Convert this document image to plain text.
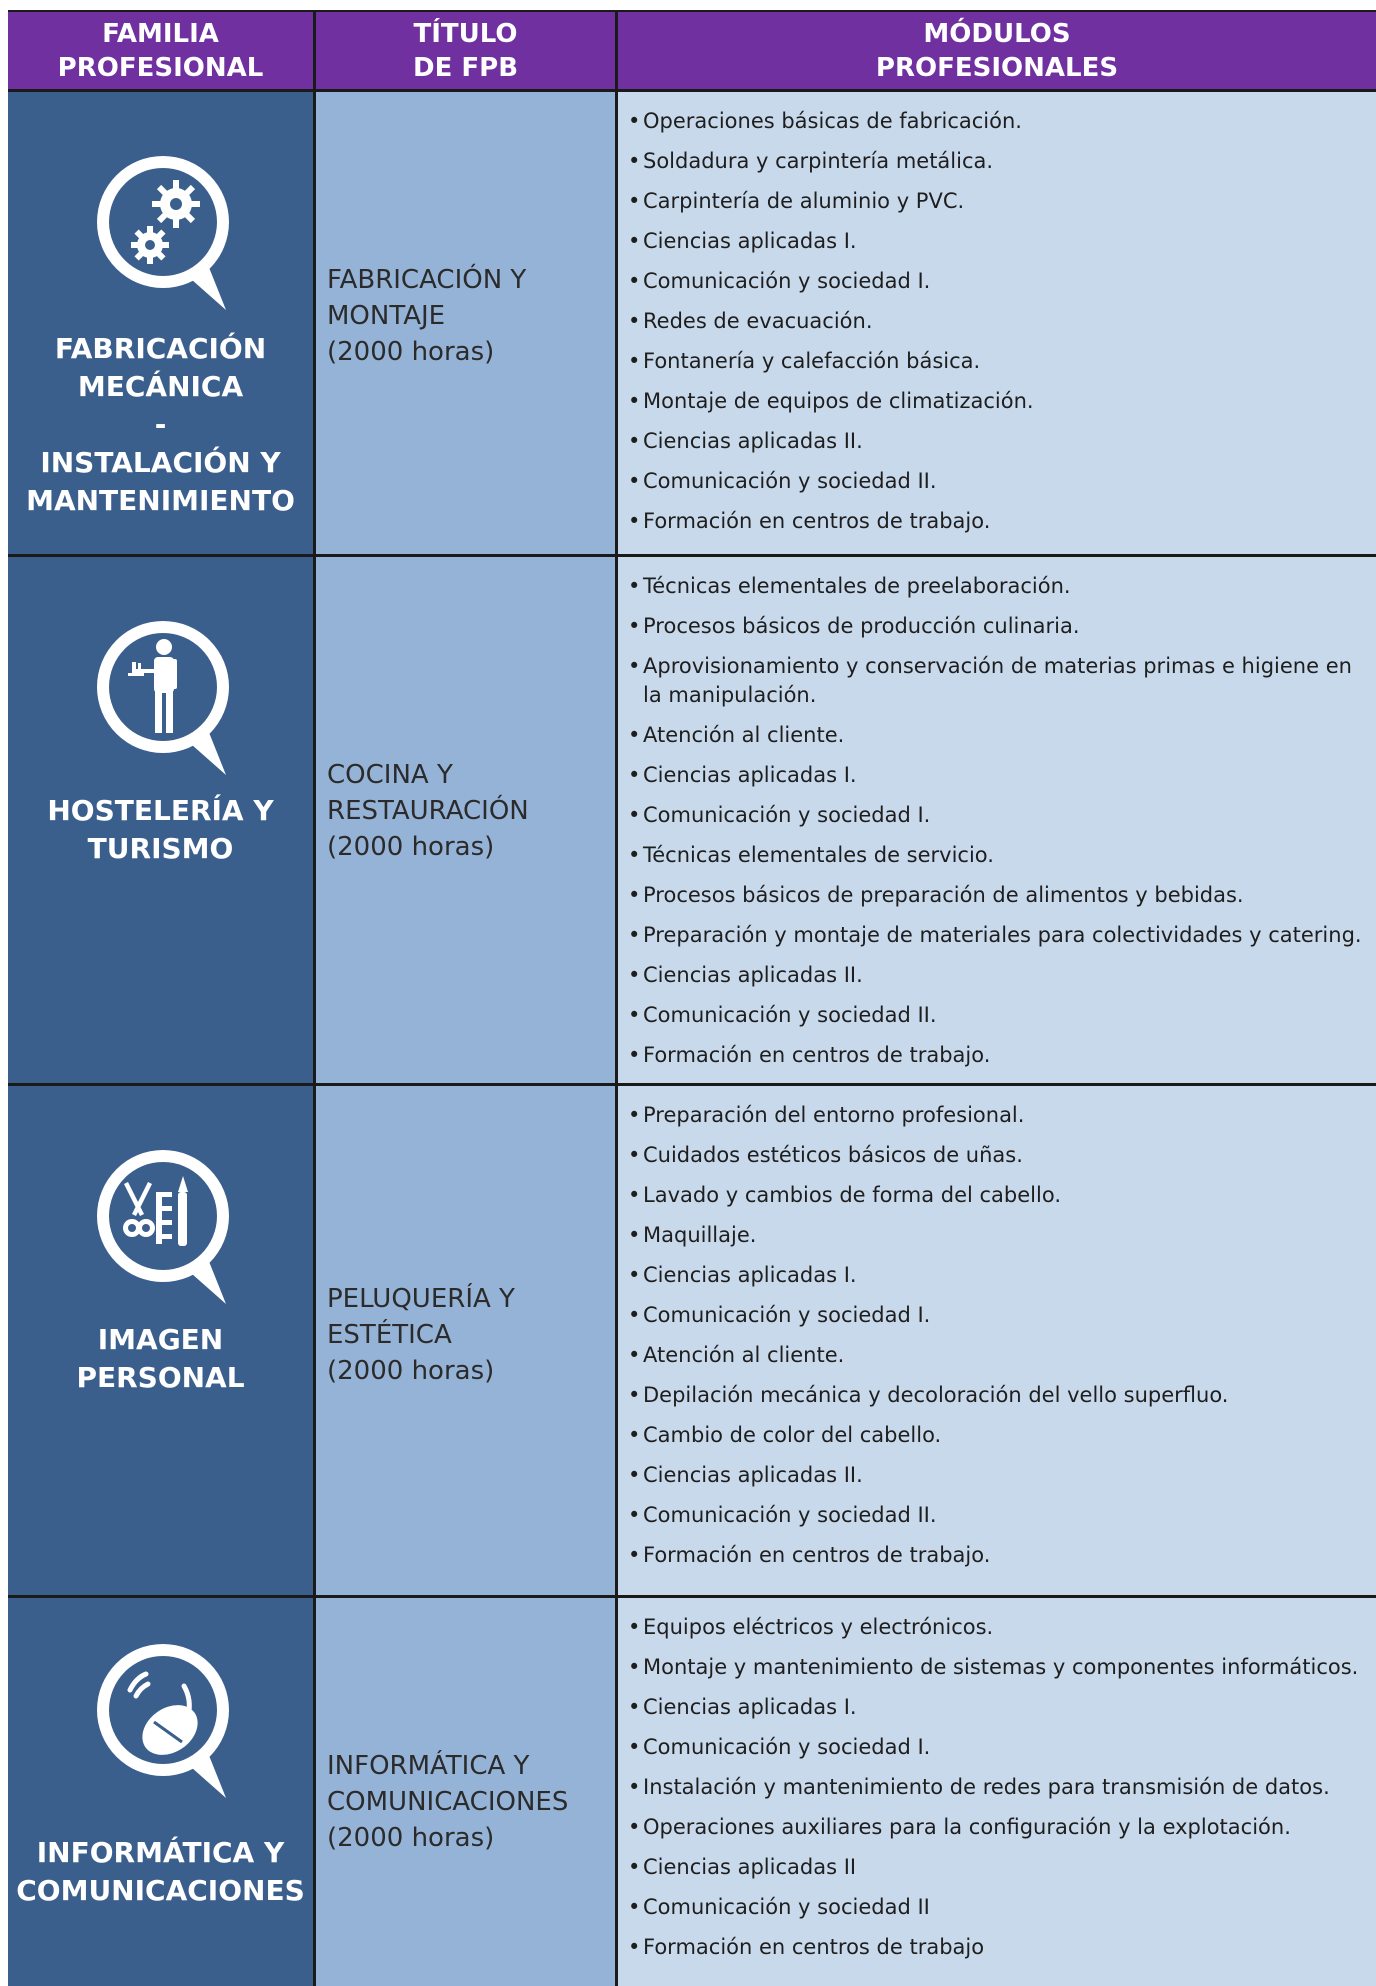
FAMILIA
PROFESIONAL
TÍTULO
DE FPB
MÓDULOS
PROFESIONALES
FABRICACIÓN
MECÁNICA
-
INSTALACIÓN Y
MANTENIMIENTO
FABRICACIÓN Y
MONTAJE
(2000 horas)
• Operaciones básicas de fabricación.
• Soldadura y carpintería metálica.
• Carpintería de aluminio y PVC.
• Ciencias aplicadas I.
• Comunicación y sociedad I.
• Redes de evacuación.
• Fontanería y calefacción básica.
• Montaje de equipos de climatización.
• Ciencias aplicadas II.
• Comunicación y sociedad II.
• Formación en centros de trabajo.
HOSTELERÍA Y
TURISMO
COCINA Y
RESTAURACIÓN
(2000 horas)
• Técnicas elementales de preelaboración.
• Procesos básicos de producción culinaria.
• Aprovisionamiento y conservación de materias primas e higiene en la manipulación.
• Atención al cliente.
• Ciencias aplicadas I.
• Comunicación y sociedad I.
• Técnicas elementales de servicio.
• Procesos básicos de preparación de alimentos y bebidas.
• Preparación y montaje de materiales para colectividades y catering.
• Ciencias aplicadas II.
• Comunicación y sociedad II.
• Formación en centros de trabajo.
IMAGEN
PERSONAL
PELUQUERÍA Y
ESTÉTICA
(2000 horas)
• Preparación del entorno profesional.
• Cuidados estéticos básicos de uñas.
• Lavado y cambios de forma del cabello.
• Maquillaje.
• Ciencias aplicadas I.
• Comunicación y sociedad I.
• Atención al cliente.
• Depilación mecánica y decoloración del vello superfluo.
• Cambio de color del cabello.
• Ciencias aplicadas II.
• Comunicación y sociedad II.
• Formación en centros de trabajo.
INFORMÁTICA Y
COMUNICACIONES
INFORMÁTICA Y
COMUNICACIONES
(2000 horas)
• Equipos eléctricos y electrónicos.
• Montaje y mantenimiento de sistemas y componentes informáticos.
• Ciencias aplicadas I.
• Comunicación y sociedad I.
• Instalación y mantenimiento de redes para transmisión de datos.
• Operaciones auxiliares para la configuración y la explotación.
• Ciencias aplicadas II
• Comunicación y sociedad II
• Formación en centros de trabajo
